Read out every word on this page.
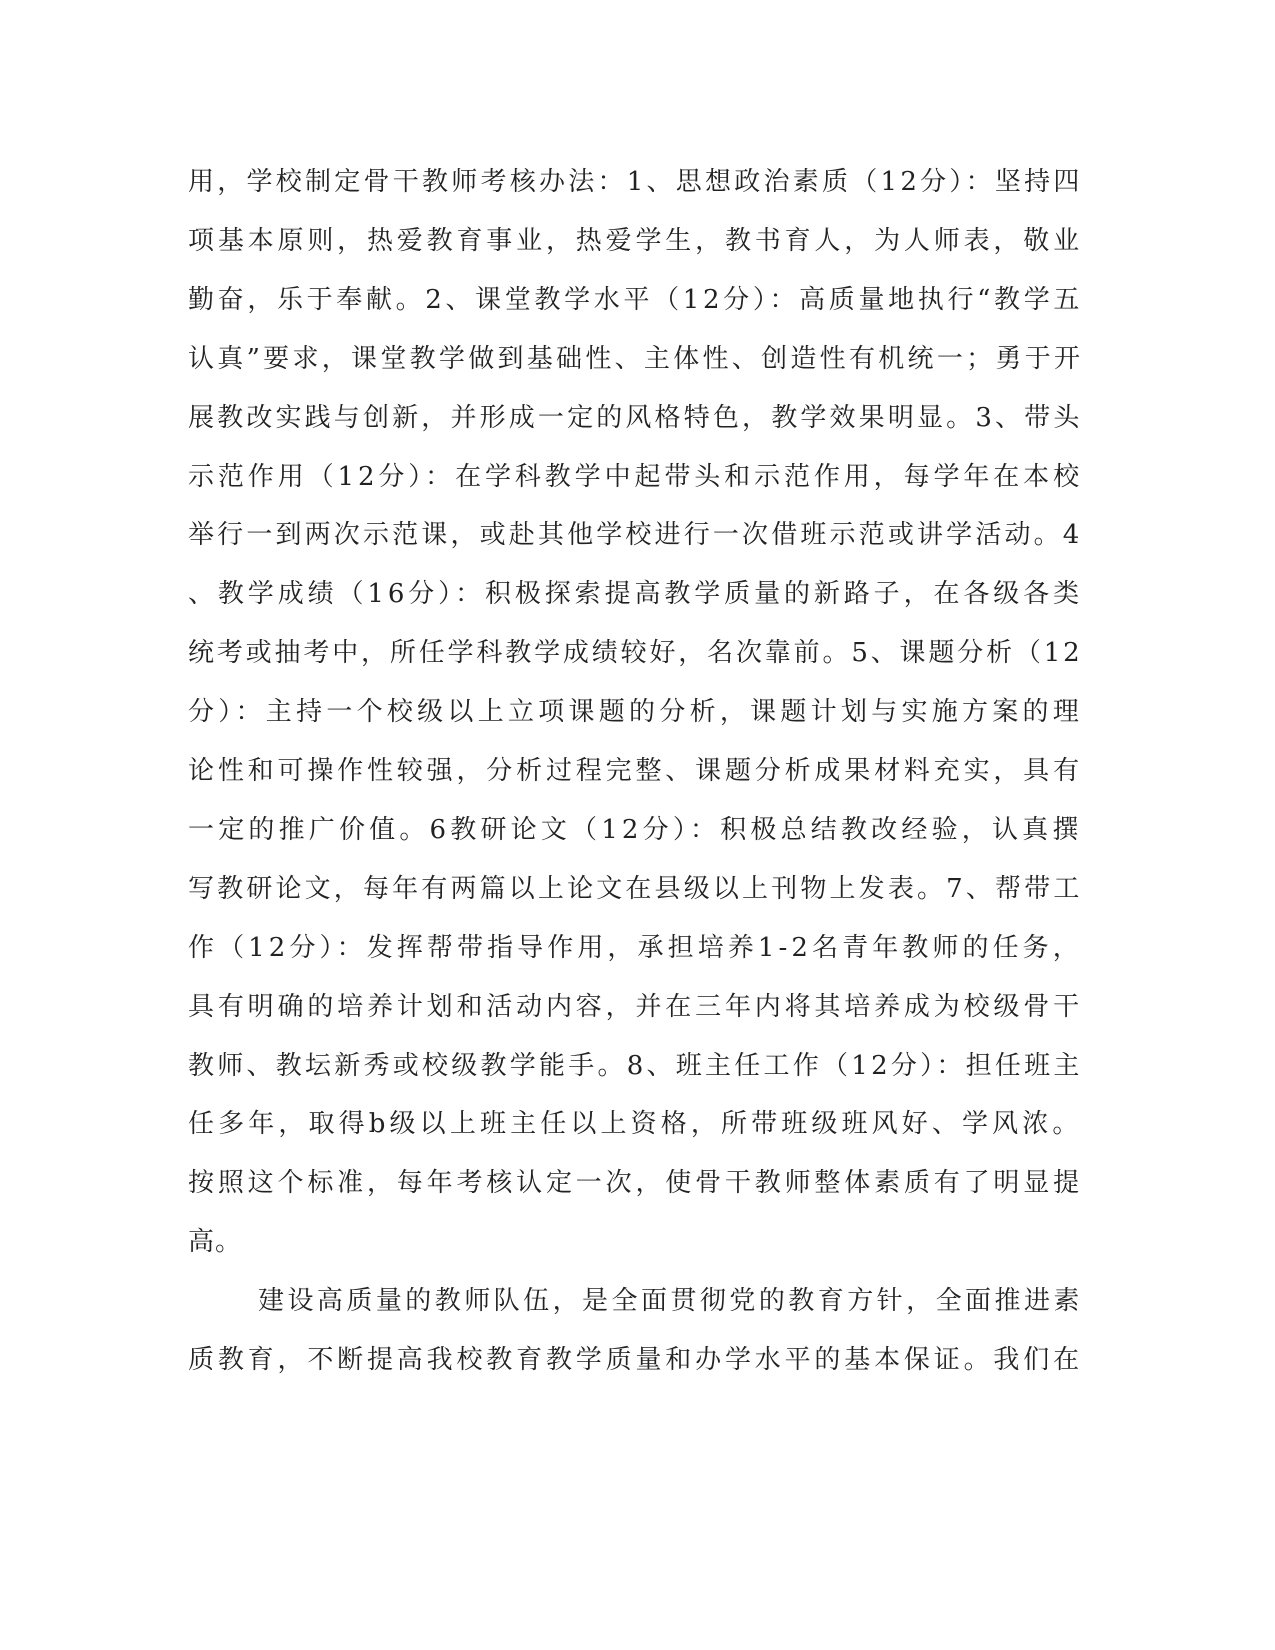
用，学校制定骨干教师考核办法：1、思想政治素质（12分）：坚持四
项基本原则，热爱教育事业，热爱学生，教书育人，为人师表，敬业
勤奋，乐于奉献。2、课堂教学水平（12分）：高质量地执行“教学五
认真”要求，课堂教学做到基础性、主体性、创造性有机统一；勇于开
展教改实践与创新，并形成一定的风格特色，教学效果明显。3、带头
示范作用（12分）：在学科教学中起带头和示范作用，每学年在本校
举行一到两次示范课，或赴其他学校进行一次借班示范或讲学活动。4
、教学成绩（16分）：积极探索提高教学质量的新路子，在各级各类
统考或抽考中，所任学科教学成绩较好，名次靠前。5、课题分析（12
分）：主持一个校级以上立项课题的分析，课题计划与实施方案的理
论性和可操作性较强，分析过程完整、课题分析成果材料充实，具有
一定的推广价值。6教研论文（12分）：积极总结教改经验，认真撰
写教研论文，每年有两篇以上论文在县级以上刊物上发表。7、帮带工
作（12分）：发挥帮带指导作用，承担培养1-2名青年教师的任务，
具有明确的培养计划和活动内容，并在三年内将其培养成为校级骨干
教师、教坛新秀或校级教学能手。8、班主任工作（12分）：担任班主
任多年，取得b级以上班主任以上资格，所带班级班风好、学风浓。
按照这个标准，每年考核认定一次，使骨干教师整体素质有了明显提
高。
建设高质量的教师队伍，是全面贯彻党的教育方针，全面推进素
质教育，不断提高我校教育教学质量和办学水平的基本保证。我们在
